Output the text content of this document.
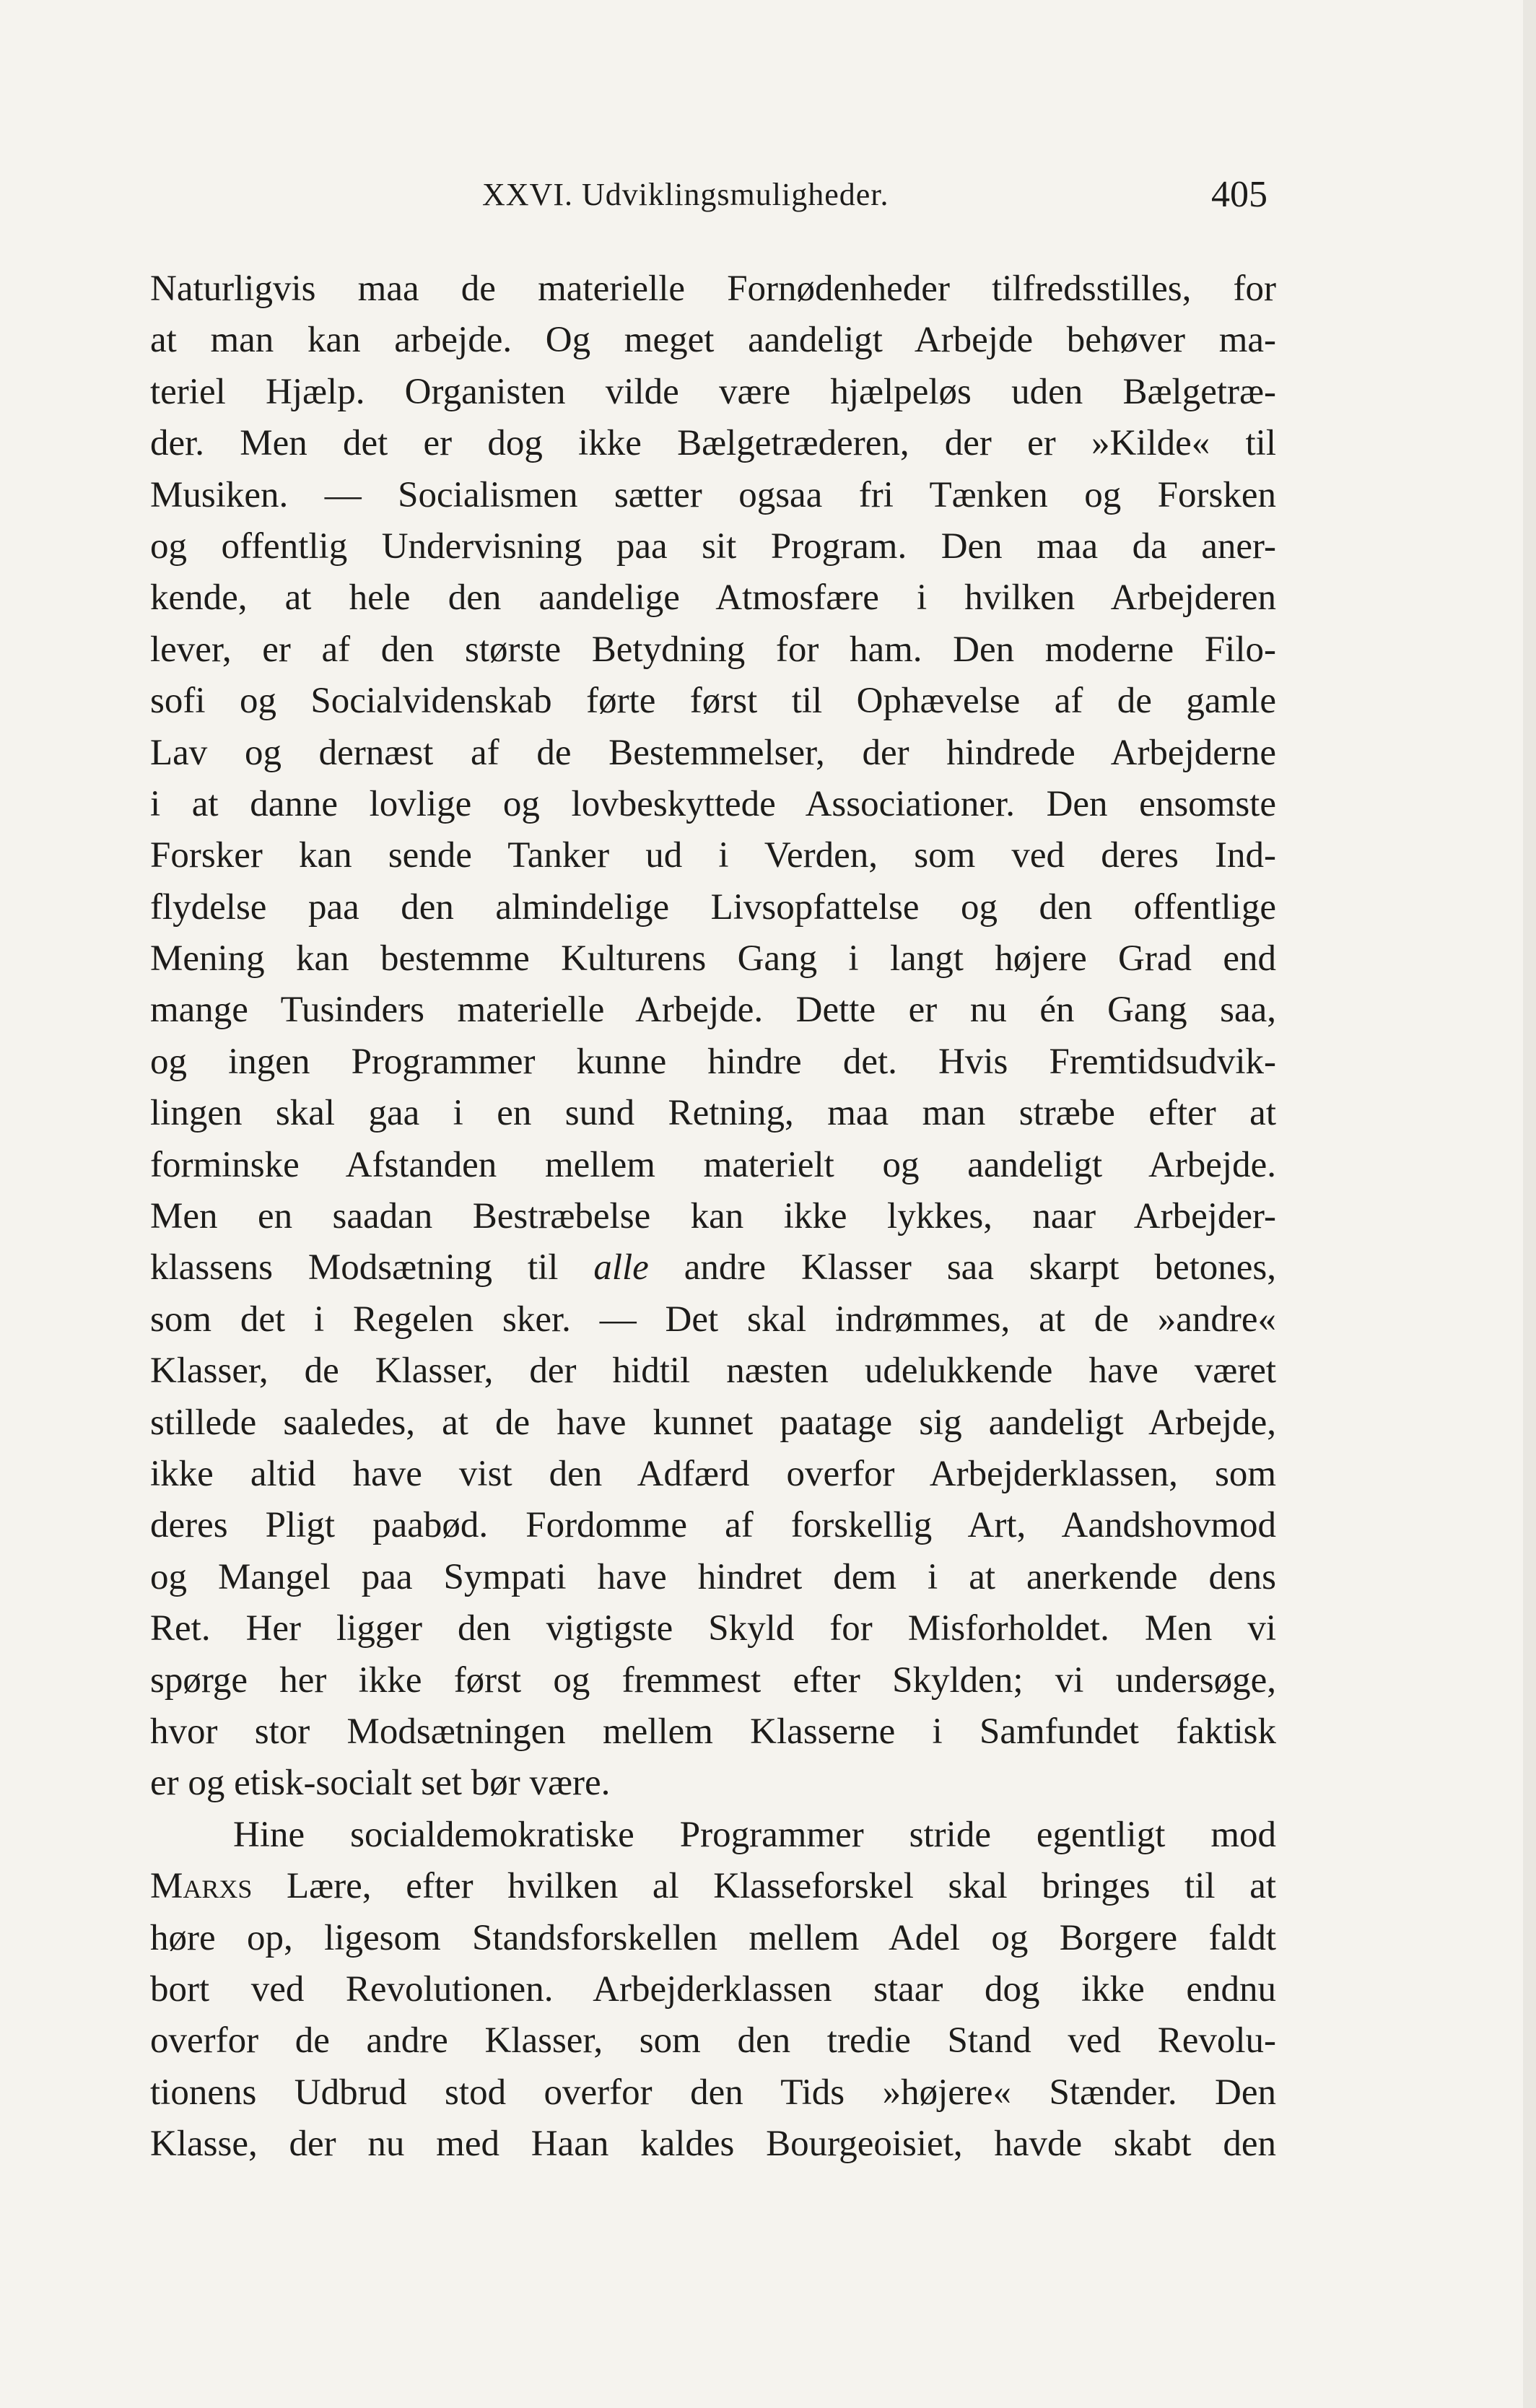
XXVI. Udviklingsmuligheder.	405
Naturligvis maa de materielle Fornødenheder tilfredsstilles, for
at man kan arbejde. Og meget aandeligt Arbejde behøver ma-
teriel Hjælp. Organisten vilde være hjælpeløs uden Bælgetræ-
der. Men det er dog ikke Bælgetræderen, der er »Kilde« til
Musiken. — Socialismen sætter ogsaa fri Tænken og Forsken
og offentlig Undervisning paa sit Program. Den maa da aner-
kende, at hele den aandelige Atmosfære i hvilken Arbejderen
lever, er af den største Betydning for ham. Den moderne Filo-
sofi og Socialvidenskab førte først til Ophævelse af de gamle
Lav og dernæst af de Bestemmelser, der hindrede Arbejderne
i at danne lovlige og lovbeskyttede Associationer. Den ensomste
Forsker kan sende Tanker ud i Verden, som ved deres Ind-
flydelse paa den almindelige Livsopfattelse og den offentlige
Mening kan bestemme Kulturens Gang i langt højere Grad end
mange Tusinders materielle Arbejde. Dette er nu én Gang saa,
og ingen Programmer kunne hindre det. Hvis Fremtidsudvik-
lingen skal gaa i en sund Retning, maa man stræbe efter at
forminske Afstanden mellem materielt og aandeligt Arbejde.
Men en saadan Bestræbelse kan ikke lykkes, naar Arbejder-
klassens Modsætning til alle andre Klasser saa skarpt betones,
som det i Regelen sker. — Det skal indrømmes, at de »andre«
Klasser, de Klasser, der hidtil næsten udelukkende have været
stillede saaledes, at de have kunnet paatage sig aandeligt Arbejde,
ikke altid have vist den Adfærd overfor Arbejderklassen, som
deres Pligt paabød. Fordomme af forskellig Art, Aandshovmod
og Mangel paa Sympati have hindret dem i at anerkende dens
Ret. Her ligger den vigtigste Skyld for Misforholdet. Men vi
spørge her ikke først og fremmest efter Skylden; vi undersøge,
hvor stor Modsætningen mellem Klasserne i Samfundet faktisk
er og etisk-socialt set bør være.
Hine socialdemokratiske Programmer stride egentligt mod
Marxs Lære, efter hvilken al Klasseforskel skal bringes til at
høre op, ligesom Standsforskellen mellem Adel og Borgere faldt
bort ved Revolutionen. Arbejderklassen staar dog ikke endnu
overfor de andre Klasser, som den tredie Stand ved Revolu-
tionens Udbrud stod overfor den Tids »højere« Stænder. Den
Klasse, der nu med Haan kaldes Bourgeoisiet, havde skabt den
